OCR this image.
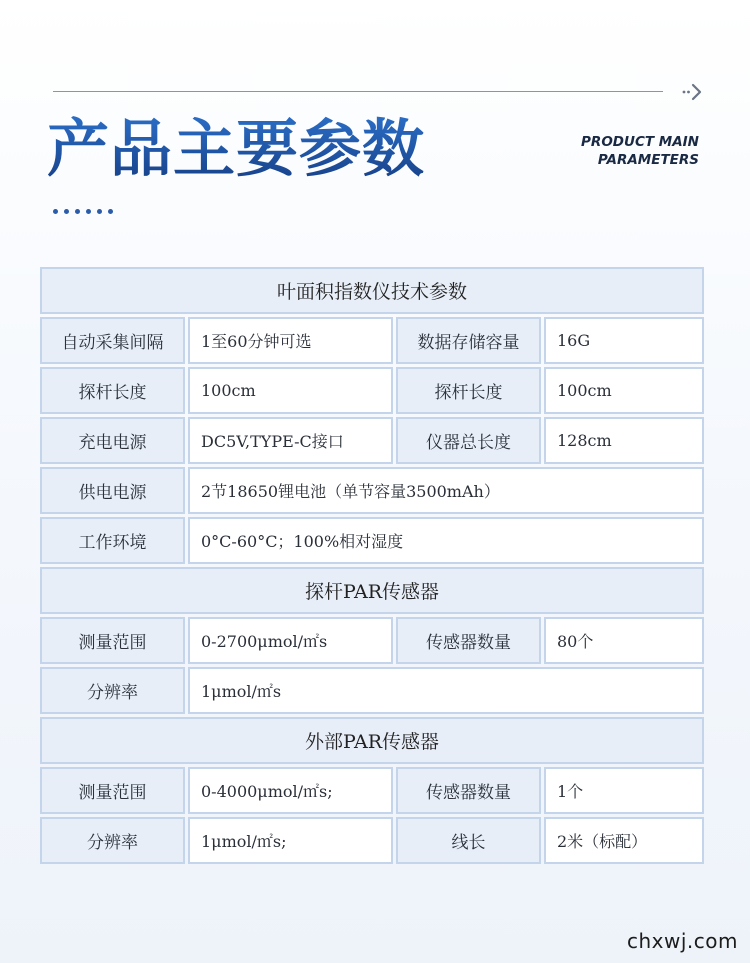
产品主要参数	PRODUCT MAIN
PARAMETERS
叶面积指数仪技术参数
自动采集间隔	1至60分钟可选	数据存储容量	16G
探杆长度	100cm	探杆长度	100cm
充电电源	DC5V,TYPE-C接口	仪器总长度	128cm
供电电源	2节18650锂电池（单节容量3500mAh）
工作环境	0°C-60°C；100%相对湿度
探杆PAR传感器
测量范围	0-2700μmol/㎡s	传感器数量	80个
分辨率	1μmol/㎡s
外部PAR传感器
测量范围	0-4000μmol/㎡s;	传感器数量	1个
分辨率	1μmol/㎡s;	线长	2米（标配）
chxwj.com
